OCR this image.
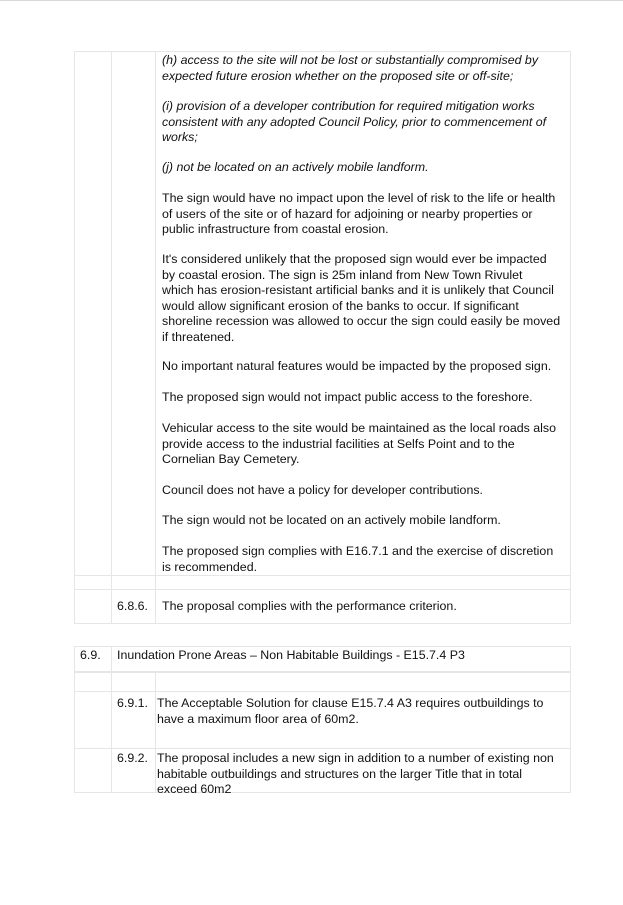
(h) access to the site will not be lost or substantially compromised by
expected future erosion whether on the proposed site or off-site;
(i) provision of a developer contribution for required mitigation works
consistent with any adopted Council Policy, prior to commencement of
works;
(j) not be located on an actively mobile landform.
The sign would have no impact upon the level of risk to the life or health
of users of the site or of hazard for adjoining or nearby properties or
public infrastructure from coastal erosion.
It's considered unlikely that the proposed sign would ever be impacted
by coastal erosion. The sign is 25m inland from New Town Rivulet
which has erosion-resistant artificial banks and it is unlikely that Council
would allow significant erosion of the banks to occur. If significant
shoreline recession was allowed to occur the sign could easily be moved
if threatened.
No important natural features would be impacted by the proposed sign.
The proposed sign would not impact public access to the foreshore.
Vehicular access to the site would be maintained as the local roads also
provide access to the industrial facilities at Selfs Point and to the
Cornelian Bay Cemetery.
Council does not have a policy for developer contributions.
The sign would not be located on an actively mobile landform.
The proposed sign complies with E16.7.1 and the exercise of discretion
is recommended.
6.8.6. The proposal complies with the performance criterion.
6.9. Inundation Prone Areas – Non Habitable Buildings - E15.7.4 P3
6.9.1. The Acceptable Solution for clause E15.7.4 A3 requires outbuildings to
have a maximum floor area of 60m2.
6.9.2. The proposal includes a new sign in addition to a number of existing non
habitable outbuildings and structures on the larger Title that in total
exceed 60m2
